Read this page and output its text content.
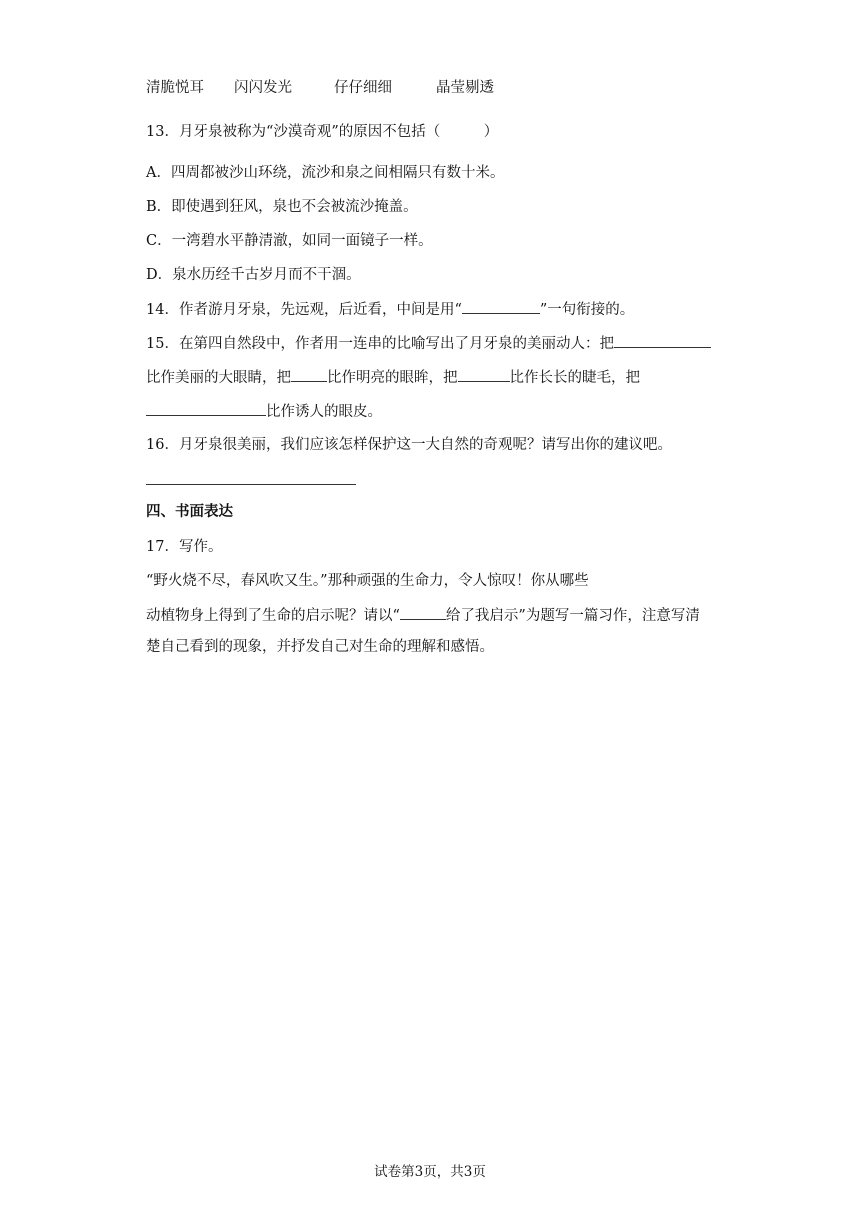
清脆悦耳 闪闪发光	仔仔细细	晶莹剔透
13．月牙泉被称为“沙漠奇观”的原因不包括（　　　）
A．四周都被沙山环绕，流沙和泉之间相隔只有数十米。
B．即使遇到狂风，泉也不会被流沙掩盖。
C．一湾碧水平静清澈，如同一面镜子一样。
D．泉水历经千古岁月而不干涸。
14．作者游月牙泉，先远观，后近看，中间是用“	”一句衔接的。
15．在第四自然段中，作者用一连串的比喻写出了月牙泉的美丽动人：把
比作美丽的大眼睛，把 比作明亮的眼眸，把	比作长长的睫毛，把
比作诱人的眼皮。
16．月牙泉很美丽，我们应该怎样保护这一大自然的奇观呢？请写出你的建议吧。
四、书面表达
17．写作。
“野火烧不尽，春风吹又生。”那种顽强的生命力，令人惊叹！你从哪些
动植物身上得到了生命的启示呢？请以“	给了我启示”为题写一篇习作，注意写清
楚自己看到的现象，并抒发自己对生命的理解和感悟。
试卷第3页，共3页
